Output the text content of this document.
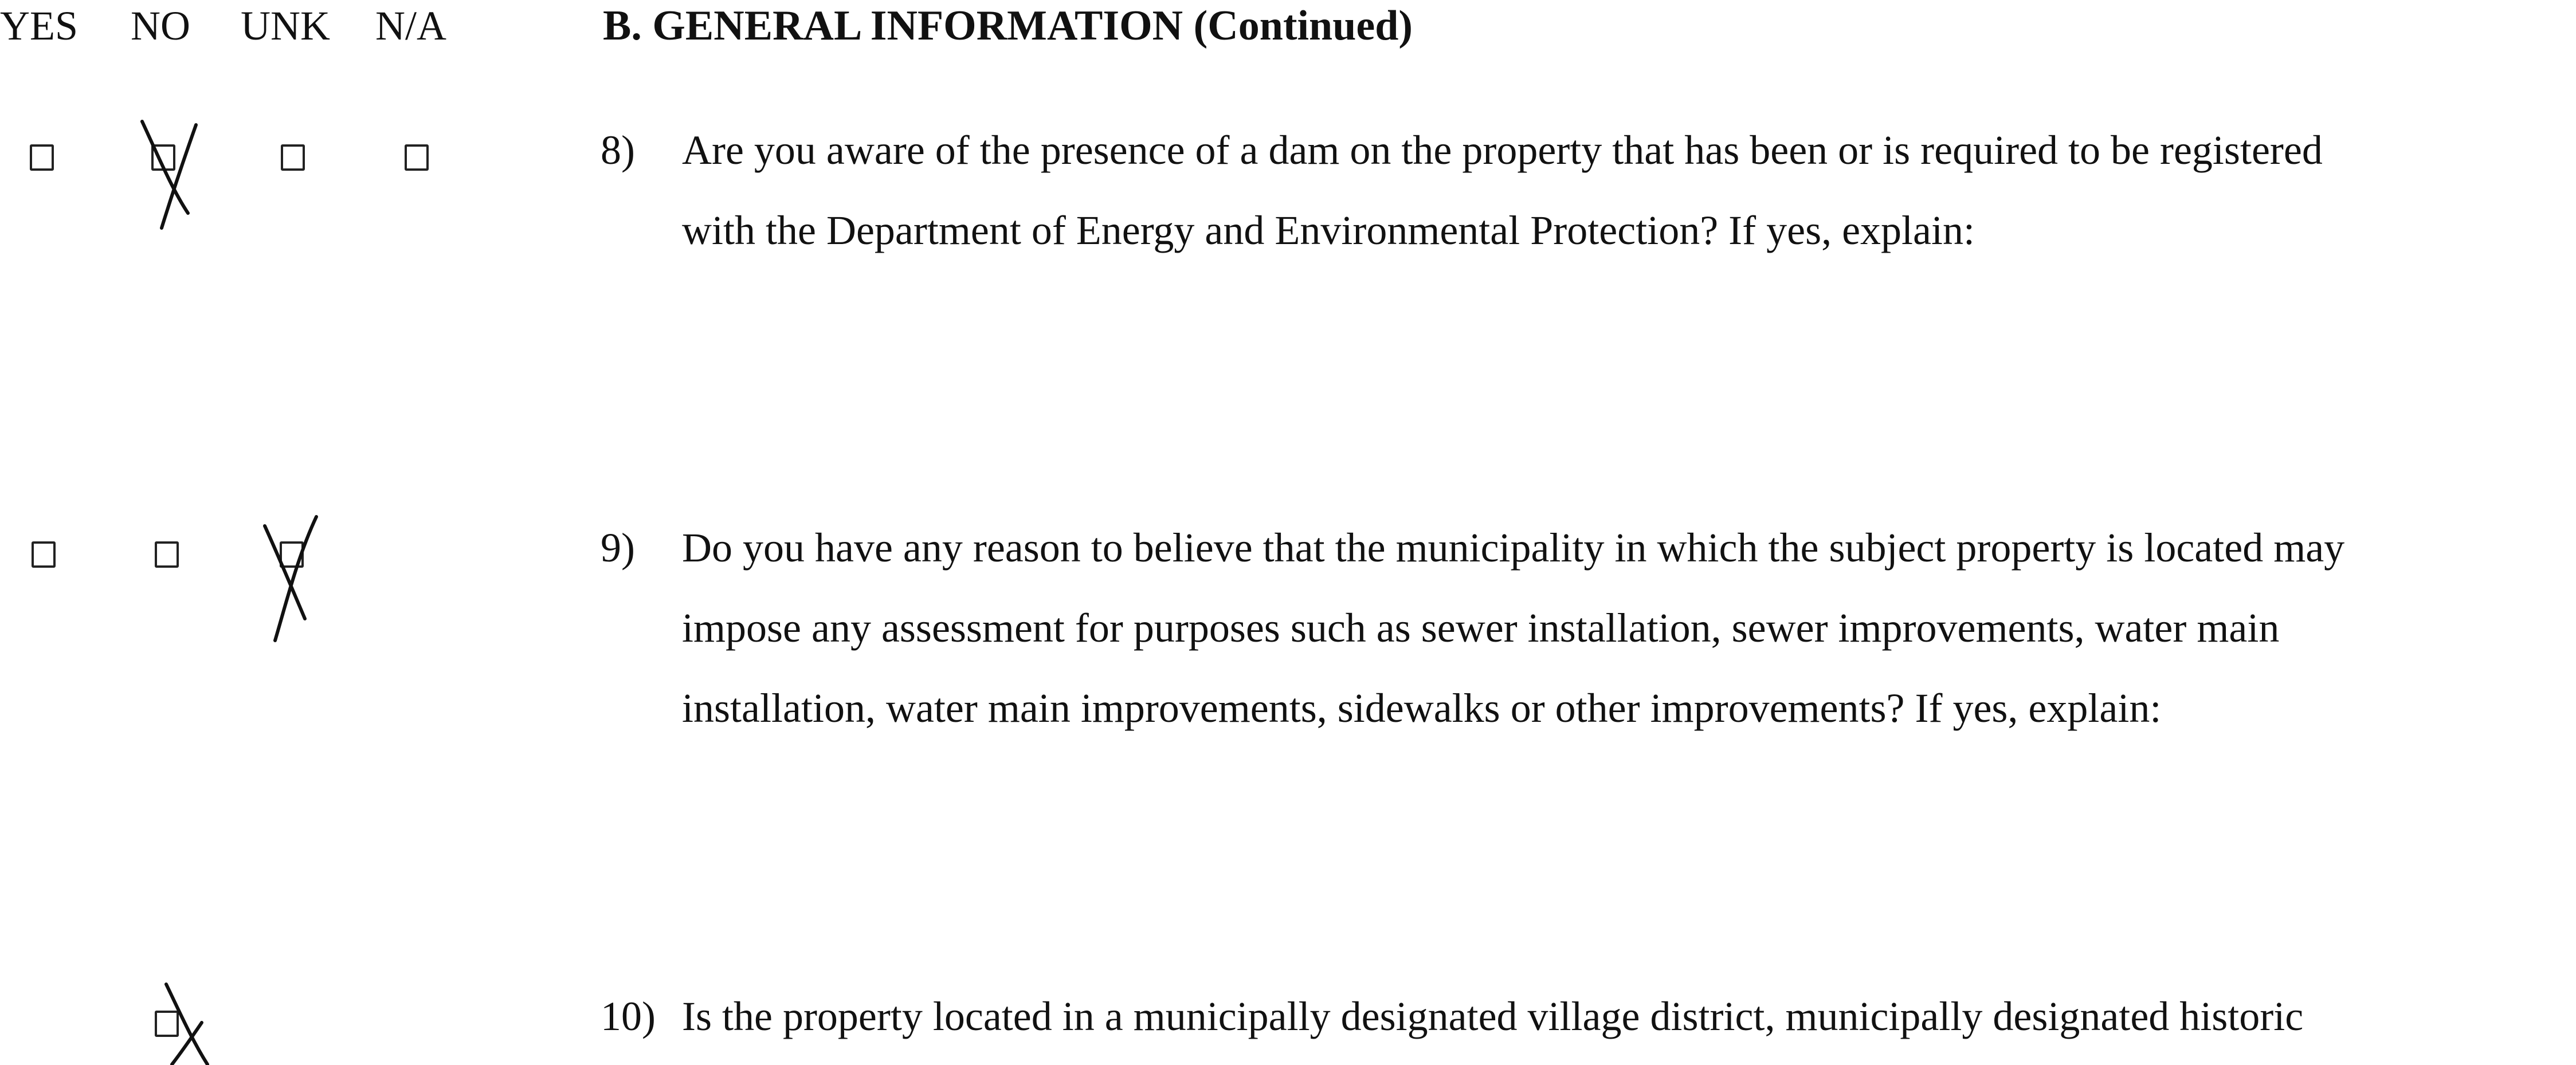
YES NO UNK N/A	B. GENERAL INFORMATION (Continued)
8) Are you aware of the presence of a dam on the property that has been or is required to be registered
with the Department of Energy and Environmental Protection? If yes, explain:
9) Do you have any reason to believe that the municipality in which the subject property is located may
impose any assessment for purposes such as sewer installation, sewer improvements, water main
installation, water main improvements, sidewalks or other improvements? If yes, explain:
10) Is the property located in a municipally designated village district, municipally designated historic
